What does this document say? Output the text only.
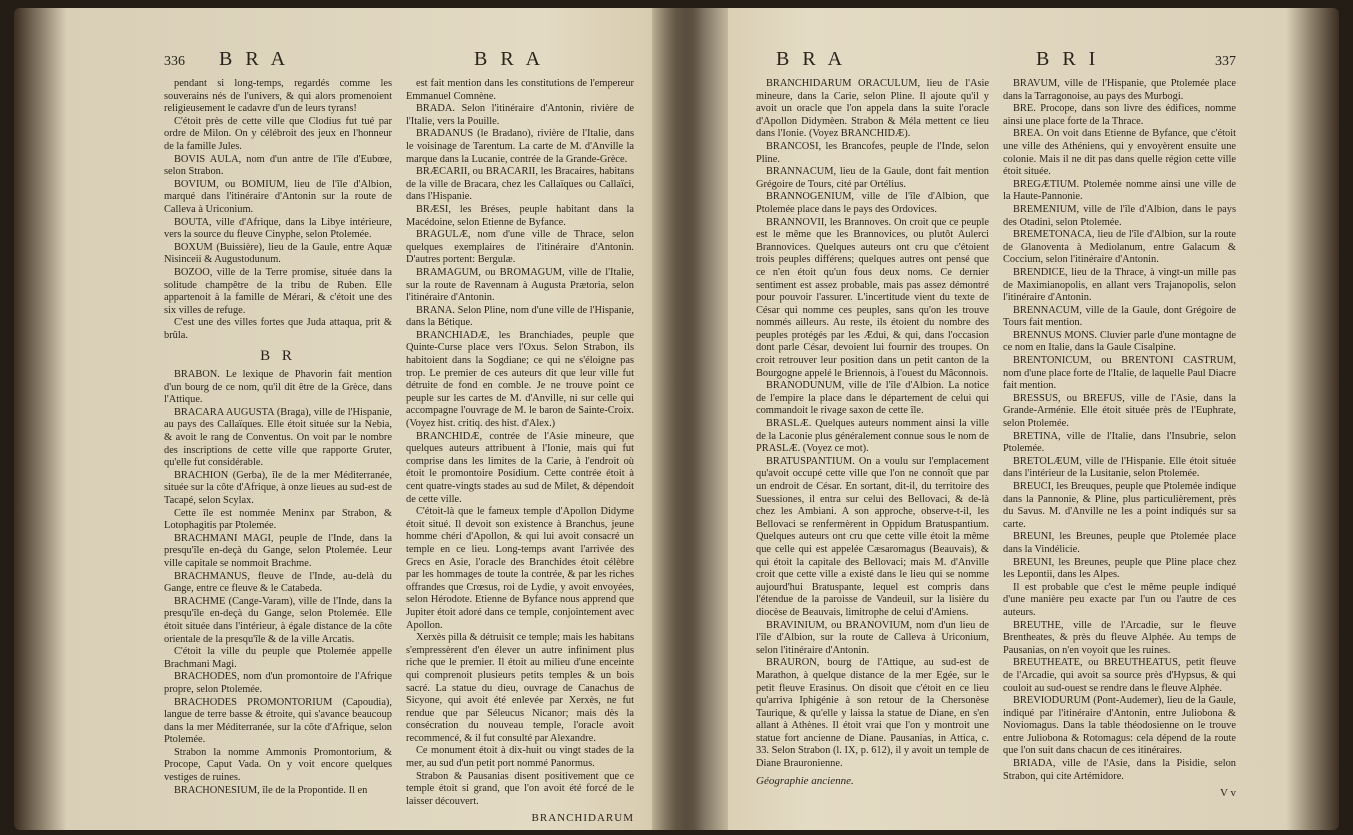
336 B R A	B R A

pendant si long-temps, regardés comme les souverains nés de l'univers, & qui alors promenoient religieusement le cadavre d'un de leurs tyrans!

C'étoit près de cette ville que Clodius fut tué par ordre de Milon. On y célébroit des jeux en l'honneur de la famille Jules.

BOVIS AULA, nom d'un antre de l'île d'Eubœe, selon Strabon.

BOVIUM, ou BOMIUM, lieu de l'île d'Albion, marqué dans l'itinéraire d'Antonin sur la route de Calleva à Uriconium.

BOUTA, ville d'Afrique, dans la Libye intérieure, vers la source du fleuve Cinyphe, selon Ptolemée.

BOXUM (Buissière), lieu de la Gaule, entre Aquæ Nisinceii & Augustodunum.

BOZOO, ville de la Terre promise, située dans la solitude champêtre de la tribu de Ruben. Elle appartenoit à la famille de Mérari, & c'étoit une des six villes de refuge.

C'est une des villes fortes que Juda attaqua, prit & brûla.

B R

BRABON. Le lexique de Phavorin fait mention d'un bourg de ce nom, qu'il dit être de la Grèce, dans l'Attique.

BRACARA AUGUSTA (Braga), ville de l'Hispanie, au pays des Callaïques. Elle étoit située sur la Nebia, & avoit le rang de Conventus. On voit par le nombre des inscriptions de cette ville que rapporte Gruter, qu'elle fut considérable.

BRACHION (Gerba), île de la mer Méditerranée, située sur la côte d'Afrique, à onze lieues au sud-est de Tacapé, selon Scylax.

Cette île est nommée Meninx par Strabon, & Lotophagitis par Ptolemée.

BRACHMANI MAGI, peuple de l'Inde, dans la presqu'île en-deçà du Gange, selon Ptolemée. Leur ville capitale se nommoit Brachme.

BRACHMANUS, fleuve de l'Inde, au-delà du Gange, entre ce fleuve & le Catabeda.

BRACHME (Cange-Varam), ville de l'Inde, dans la presqu'île en-deçà du Gange, selon Ptolemée. Elle étoit située dans l'intérieur, à égale distance de la côte orientale de la presqu'île & de la ville Arcatis.

C'étoit la ville du peuple que Ptolemée appelle Brachmani Magi.

BRACHODES, nom d'un promontoire de l'Afrique propre, selon Ptolemée.

BRACHODES PROMONTORIUM (Capoudia), langue de terre basse & étroite, qui s'avance beaucoup dans la mer Méditerranée, sur la côte d'Afrique, selon Ptolemée.

Strabon la nomme Ammonis Promontorium, & Procope, Caput Vada. On y voit encore quelques vestiges de ruines.

BRACHONESIUM, île de la Propontide. Il en

est fait mention dans les constitutions de l'empereur Emmanuel Comnène.

BRADA. Selon l'itinéraire d'Antonin, rivière de l'Italie, vers la Pouille.

BRADANUS (le Bradano), rivière de l'Italie, dans le voisinage de Tarentum. La carte de M. d'Anville la marque dans la Lucanie, contrée de la Grande-Grèce.

BRÆCARII, ou BRACARII, les Bracaires, habitans de la ville de Bracara, chez les Callaïques ou Callaïci, dans l'Hispanie.

BRÆSI, les Bréses, peuple habitant dans la Macédoine, selon Etienne de Byfance.

BRAGULÆ, nom d'une ville de Thrace, selon quelques exemplaires de l'itinéraire d'Antonin. D'autres portent: Bergulæ.

BRAMAGUM, ou BROMAGUM, ville de l'Italie, sur la route de Ravennam à Augusta Prætoria, selon l'itinéraire d'Antonin.

BRANA. Selon Pline, nom d'une ville de l'Hispanie, dans la Bétique.

BRANCHIADÆ, les Branchiades, peuple que Quinte-Curse place vers l'Oxus. Selon Strabon, ils habitoient dans la Sogdiane; ce qui ne s'éloigne pas trop. Le premier de ces auteurs dit que leur ville fut détruite de fond en comble. Je ne trouve point ce peuple sur les cartes de M. d'Anville, ni sur celle qui accompagne l'ouvrage de M. le baron de Sainte-Croix. (Voyez hist. critiq. des hist. d'Alex.)

BRANCHIDÆ, contrée de l'Asie mineure, que quelques auteurs attribuent à l'Ionie, mais qui fut comprise dans les limites de la Carie, à l'endroit où étoit le promontoire Posidium. Cette contrée étoit à cent quatre-vingts stades au sud de Milet, & dépendoit de cette ville.

C'étoit-là que le fameux temple d'Apollon Didyme étoit situé. Il devoit son existence à Branchus, jeune homme chéri d'Apollon, & qui lui avoit consacré un temple en ce lieu. Long-temps avant l'arrivée des Grecs en Asie, l'oracle des Branchides étoit célèbre par les hommages de toute la contrée, & par les riches offrandes que Crœsus, roi de Lydie, y avoit envoyées, selon Hérodote. Etienne de Byfance nous apprend que Jupiter étoit adoré dans ce temple, conjointement avec Apollon.

Xerxès pilla & détruisit ce temple; mais les habitans s'empressèrent d'en élever un autre infiniment plus riche que le premier. Il étoit au milieu d'une enceinte qui comprenoit plusieurs petits temples & un bois sacré. La statue du dieu, ouvrage de Canachus de Sicyone, qui avoit été enlevée par Xerxès, ne fut rendue que par Séleucus Nicanor; mais dès la consécration du nouveau temple, l'oracle avoit recommencé, & il fut consulté par Alexandre.

Ce monument étoit à dix-huit ou vingt stades de la mer, au sud d'un petit port nommé Panormus.

Strabon & Pausanias disent positivement que ce temple étoit si grand, que l'on avoit été forcé de le laisser découvert.

BRANCHIDARUM
B R A	B R I	337

BRANCHIDARUM ORACULUM, lieu de l'Asie mineure, dans la Carie, selon Pline. Il ajoute qu'il y avoit un oracle que l'on appela dans la suite l'oracle d'Apollon Didymèen. Strabon & Méla mettent ce lieu dans l'Ionie. (Voyez BRANCHIDÆ).

BRANCOSI, les Brancofes, peuple de l'Inde, selon Pline.

BRANNACUM, lieu de la Gaule, dont fait mention Grégoire de Tours, cité par Ortélius.

BRANNOGENIUM, ville de l'île d'Albion, que Ptolemée place dans le pays des Ordovices.

BRANNOVII, les Brannoves. On croit que ce peuple est le même que les Brannovices, ou plutôt Aulerci Brannovices. Quelques auteurs ont cru que c'étoient trois peuples différens; quelques autres ont pensé que ce n'en étoit qu'un fous deux noms. Ce dernier sentiment est assez probable, mais pas assez démontré pour pouvoir l'assurer. L'incertitude vient du texte de César qui nomme ces peuples, sans qu'on les trouve nommés ailleurs. Au reste, ils étoient du nombre des peuples protégés par les Ædui, & qui, dans l'occasion dont parle César, devoient lui fournir des troupes. On croit retrouver leur position dans un petit canton de la Bourgogne appelé le Briennois, à l'ouest du Mâconnois.

BRANODUNUM, ville de l'île d'Albion. La notice de l'empire la place dans le département de celui qui commandoit le rivage saxon de cette île.

BRASLÆ. Quelques auteurs nomment ainsi la ville de la Laconie plus généralement connue sous le nom de PRASLÆ. (Voyez ce mot).

BRATUSPANTIUM. On a voulu sur l'emplacement qu'avoit occupé cette ville que l'on ne connoît que par un endroit de César. En sortant, dit-il, du territoire des Suessiones, il entra sur celui des Bellovaci, & de-là chez les Ambiani. A son approche, observe-t-il, les Bellovaci se renfermèrent in Oppidum Bratuspantium. Quelques auteurs ont cru que cette ville étoit la même que celle qui est appelée Cæsaromagus (Beauvais), & qui étoit la capitale des Bellovaci; mais M. d'Anville croit que cette ville a existé dans le lieu qui se nomme aujourd'hui Bratuspante, lequel est compris dans l'étendue de la paroisse de Vandeuil, sur la lisière du diocèse de Beauvais, limitrophe de celui d'Amiens.

BRAVINIUM, ou BRANOVIUM, nom d'un lieu de l'île d'Albion, sur la route de Calleva à Uriconium, selon l'itinéraire d'Antonin.

BRAURON, bourg de l'Attique, au sud-est de Marathon, à quelque distance de la mer Egée, sur le petit fleuve Erasinus. On disoit que c'étoit en ce lieu qu'arriva Iphigénie à son retour de la Chersonèse Taurique, & qu'elle y laissa la statue de Diane, en s'en allant à Athènes. Il étoit vrai que l'on y montroit une statue fort ancienne de Diane. Pausanias, in Attica, c. 33. Selon Strabon (l. IX, p. 612), il y avoit un temple de Diane Brauronienne.

Géographie ancienne.

BRAVUM, ville de l'Hispanie, que Ptolemée place dans la Tarragonoise, au pays des Murbogi.

BRE. Procope, dans son livre des édifices, nomme ainsi une place forte de la Thrace.

BREA. On voit dans Etienne de Byfance, que c'étoit une ville des Athéniens, qui y envoyèrent ensuite une colonie. Mais il ne dit pas dans quelle région cette ville étoit située.

BREGÆTIUM. Ptolemée nomme ainsi une ville de la Haute-Pannonie.

BREMENIUM, ville de l'île d'Albion, dans le pays des Otadini, selon Ptolemée.

BREMETONACA, lieu de l'île d'Albion, sur la route de Glanoventa à Mediolanum, entre Galacum & Coccium, selon l'itinéraire d'Antonin.

BRENDICE, lieu de la Thrace, à vingt-un mille pas de Maximianopolis, en allant vers Trajanopolis, selon l'itinéraire d'Antonin.

BRENNACUM, ville de la Gaule, dont Grégoire de Tours fait mention.

BRENNUS MONS. Cluvier parle d'une montagne de ce nom en Italie, dans la Gaule Cisalpine.

BRENTONICUM, ou BRENTONI CASTRUM, nom d'une place forte de l'Italie, de laquelle Paul Diacre fait mention.

BRESSUS, ou BREFUS, ville de l'Asie, dans la Grande-Arménie. Elle étoit située près de l'Euphrate, selon Ptolemée.

BRETINA, ville de l'Italie, dans l'Insubrie, selon Ptolemée.

BRETOLÆUM, ville de l'Hispanie. Elle étoit située dans l'intérieur de la Lusitanie, selon Ptolemée.

BREUCI, les Breuques, peuple que Ptolemée indique dans la Pannonie, & Pline, plus particulièrement, près du Savus. M. d'Anville ne les a point indiqués sur sa carte.

BREUNI, les Breunes, peuple que Ptolemée place dans la Vindélicie.

BREUNI, les Breunes, peuple que Pline place chez les Lepontii, dans les Alpes.

Il est probable que c'est le même peuple indiqué d'une manière peu exacte par l'un ou l'autre de ces auteurs.

BREUTHE, ville de l'Arcadie, sur le fleuve Brentheates, & près du fleuve Alphée. Au temps de Pausanias, on n'en voyoit que les ruines.

BREUTHEATE, ou BREUTHEATUS, petit fleuve de l'Arcadie, qui avoit sa source près d'Hypsus, & qui couloit au sud-ouest se rendre dans le fleuve Alphée.

BREVIODURUM (Pont-Audemer), lieu de la Gaule, indiqué par l'itinéraire d'Antonin, entre Juliobona & Noviomagus. Dans la table théodosienne on le trouve entre Juliobona & Rotomagus: cela dépend de la route que l'on suit dans chacun de ces itinéraires.

BRIADA, ville de l'Asie, dans la Pisidie, selon Strabon, qui cite Artémidore.

V v
